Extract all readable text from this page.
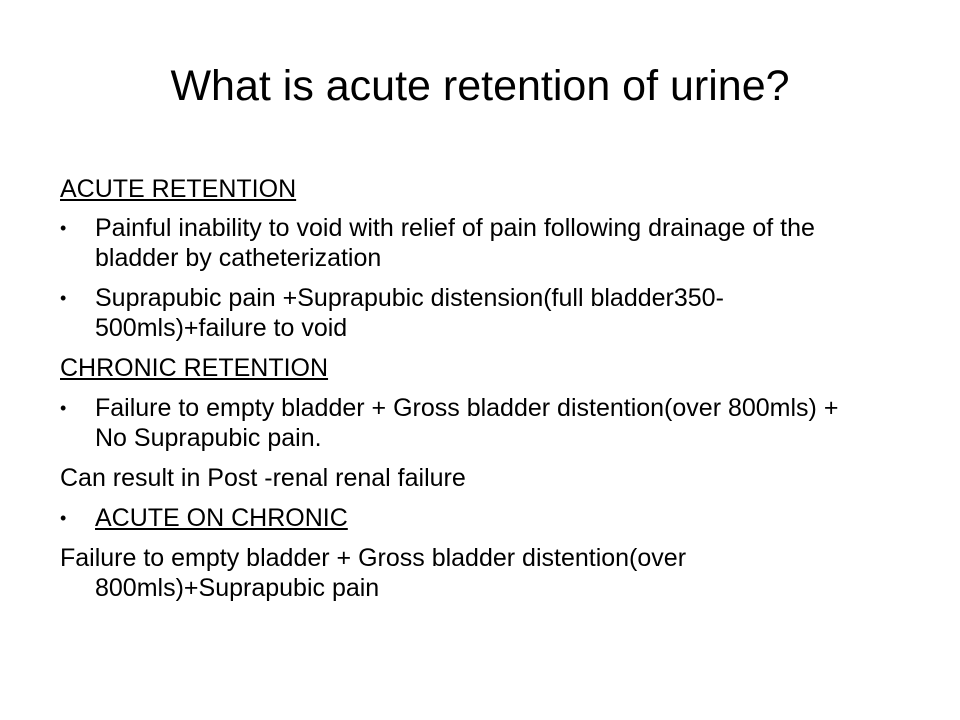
What is acute retention of urine?

ACUTE RETENTION

•	Painful inability to void with relief of pain following drainage of the bladder by catheterization

•	Suprapubic pain +Suprapubic distension(full bladder350-500mls)+failure to void

CHRONIC RETENTION

•	Failure to empty bladder + Gross bladder distention(over 800mls) + No Suprapubic pain.

Can result in Post -renal renal failure

•	ACUTE ON CHRONIC

Failure to empty bladder + Gross bladder distention(over 800mls)+Suprapubic pain
